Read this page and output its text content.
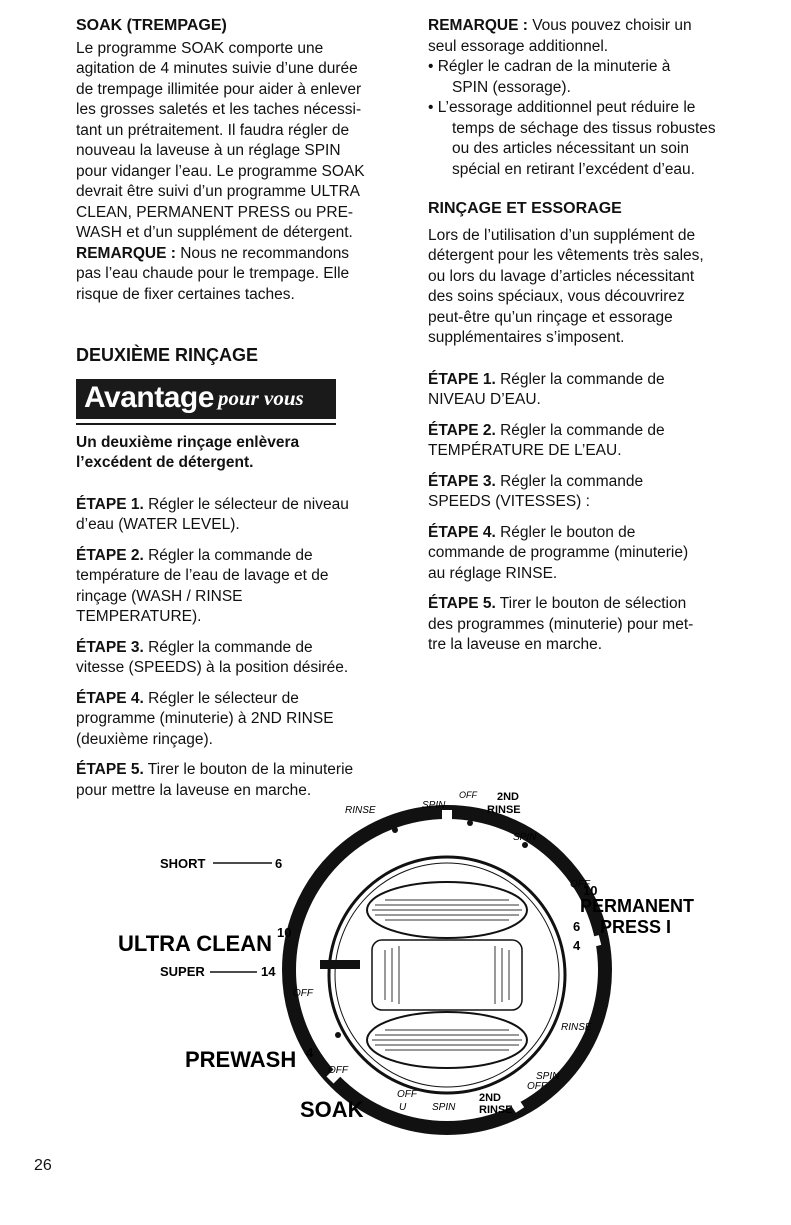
SOAK (TREMPAGE)

Le programme SOAK comporte une

agitation de 4 minutes suivie d’une durée

de trempage illimitée pour aider à enlever

les grosses saletés et les taches nécessi-

tant un prétraitement. Il faudra régler de

nouveau la laveuse à un réglage SPIN

pour vidanger l’eau. Le programme SOAK

devrait être suivi d’un programme ULTRA

CLEAN, PERMANENT PRESS ou PRE-

WASH et d’un supplément de détergent.

REMARQUE : Nous ne recommandons

pas l’eau chaude pour le trempage. Elle

risque de fixer certaines taches.

DEUXIÈME RINÇAGE

Avantage pour vous

Un deuxième rinçage enlèvera

l’excédent de détergent.

ÉTAPE 1. Régler le sélecteur de niveau

d’eau (WATER LEVEL).

ÉTAPE 2. Régler la commande de

température de l’eau de lavage et de

rinçage (WASH / RINSE

TEMPERATURE).

ÉTAPE 3. Régler la commande de

vitesse (SPEEDS) à la position désirée.

ÉTAPE 4. Régler le sélecteur de

programme (minuterie) à 2ND RINSE

(deuxième rinçage).

ÉTAPE 5. Tirer le bouton de la minuterie

pour mettre la laveuse en marche.

REMARQUE : Vous pouvez choisir un

seul essorage additionnel.

• Régler le cadran de la minuterie à
SPIN (essorage).

• L’essorage additionnel peut réduire le
temps de séchage des tissus robustes
ou des articles nécessitant un soin
spécial en retirant l’excédent d’eau.

RINÇAGE ET ESSORAGE

Lors de l’utilisation d’un supplément de

détergent pour les vêtements très sales,

ou lors du lavage d’articles nécessitant

des soins spéciaux, vous découvrirez

peut-être qu’un rinçage et essorage

supplémentaires s’imposent.

ÉTAPE 1. Régler la commande de

NIVEAU D’EAU.

ÉTAPE 2. Régler la commande de

TEMPÉRATURE DE L’EAU.

ÉTAPE 3. Régler la commande

SPEEDS (VITESSES) :

ÉTAPE 4. Régler le bouton de

commande de programme (minuterie)

au réglage RINSE.

ÉTAPE 5. Tirer le bouton de sélection

des programmes (minuterie) pour met-

tre la laveuse en marche.

SHORT	6
10
ULTRA CLEAN
SUPER	14
OFF
PREWASH 4
OFF
SOAK
OFF
U	SPIN
2ND
RINSE
OFF
SPIN
RINSE
PERMANENT
PRESS I
6
4
10
OFF
SPIN
RINSE	SPIN
OFF 2ND
RINSE
26
